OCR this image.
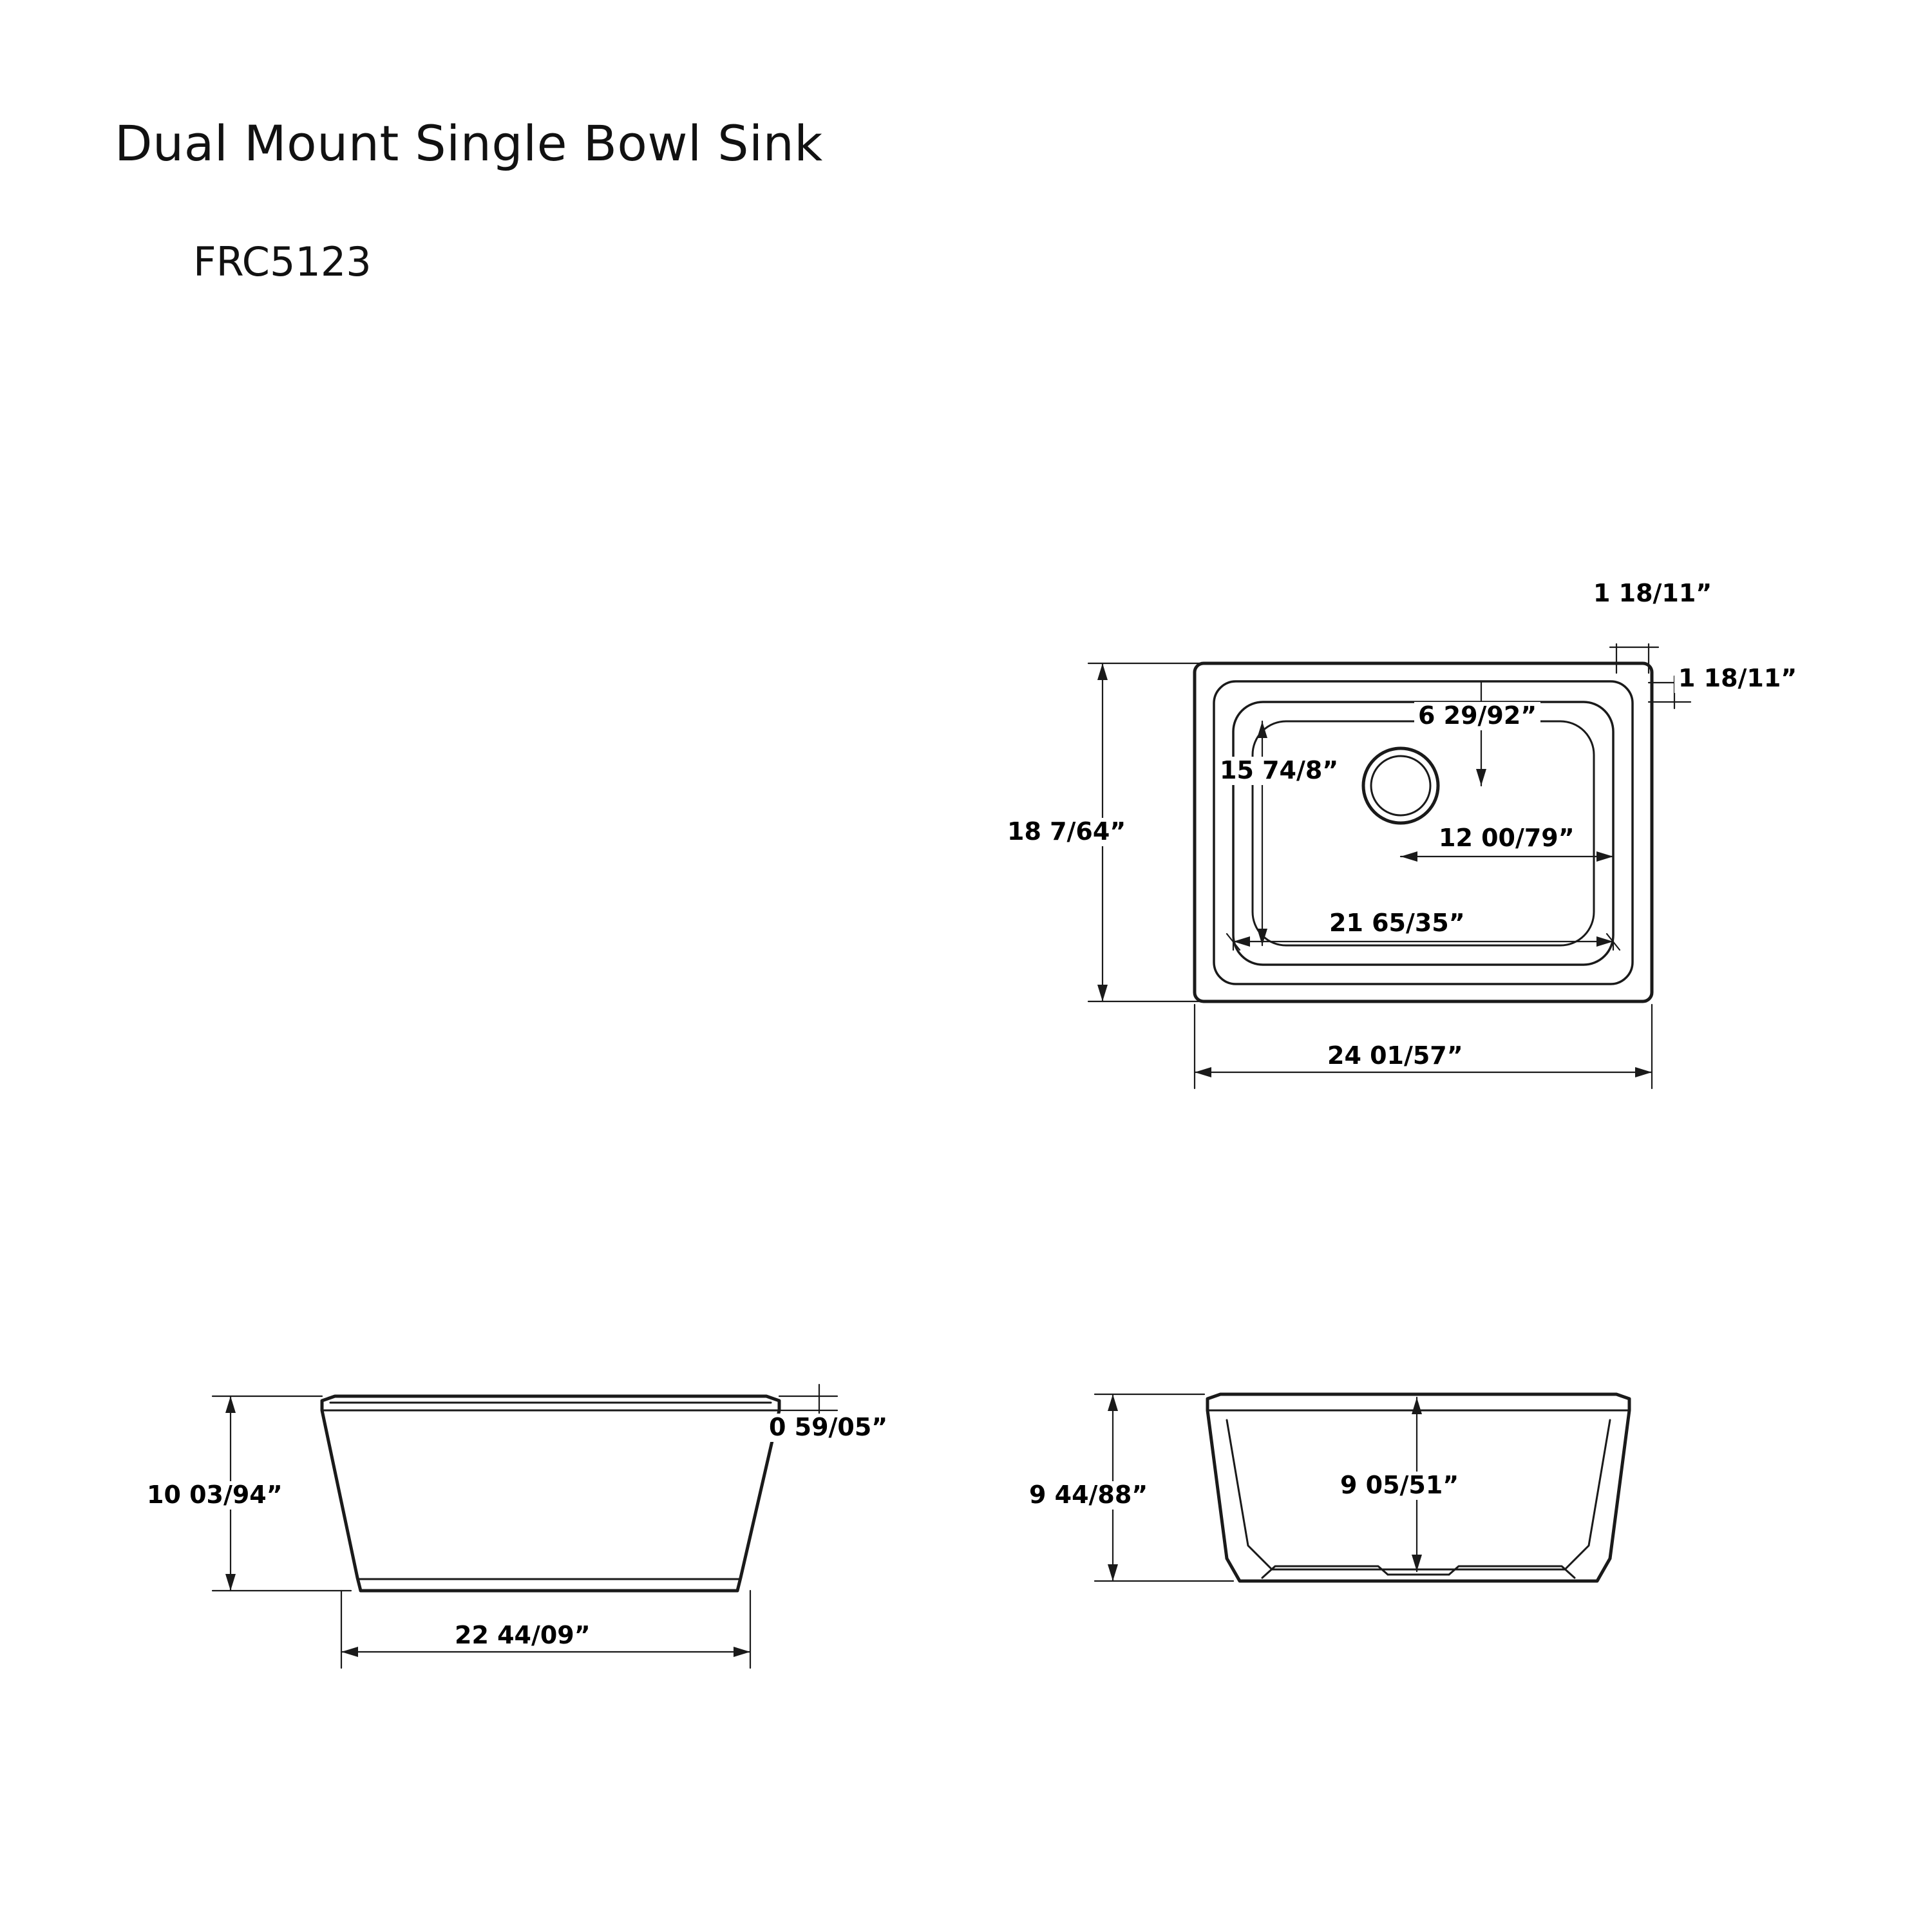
Dual Mount Single Bowl Sink
FRC5123
1 18/11”
1 18/11”
6 29/92”
15 74/8”
12 00/79”
21 65/35”
18 7/64”
24 01/57”
0 59/05”
10 03/94”
22 44/09”
9 44/88”	9 05/51”
